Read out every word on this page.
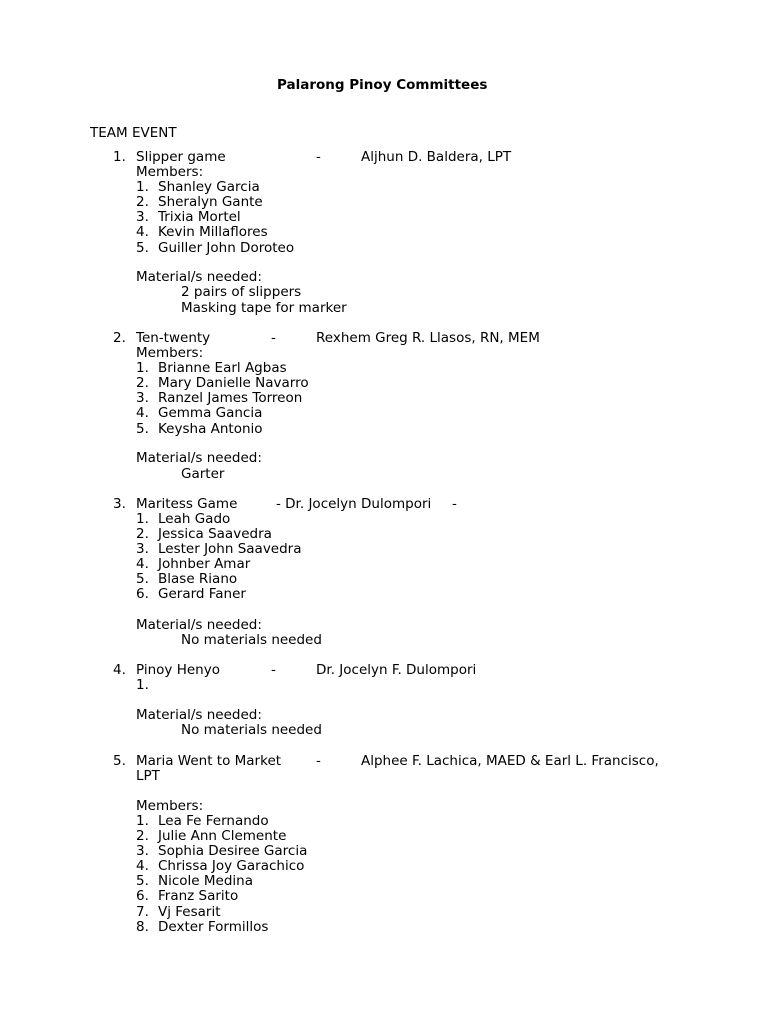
Palarong Pinoy Committees
TEAM EVENT
1. Slipper game	-	Aljhun D. Baldera, LPT
Members:
1. Shanley Garcia
2. Sheralyn Gante
3. Trixia Mortel
4. Kevin Millaflores
5. Guiller John Doroteo
Material/s needed:
2 pairs of slippers
Masking tape for marker
2. Ten-twenty	-	Rexhem Greg R. Llasos, RN, MEM
Members:
1. Brianne Earl Agbas
2. Mary Danielle Navarro
3. Ranzel James Torreon
4. Gemma Gancia
5. Keysha Antonio
Material/s needed:
Garter
3. Maritess Game	- Dr. Jocelyn Dulompori -
1. Leah Gado
2. Jessica Saavedra
3. Lester John Saavedra
4. Johnber Amar
5. Blase Riano
6. Gerard Faner
Material/s needed:
No materials needed
4. Pinoy Henyo	-	Dr. Jocelyn F. Dulompori
1.
Material/s needed:
No materials needed
5. Maria Went to Market	-	Alphee F. Lachica, MAED & Earl L. Francisco,
LPT
Members:
1. Lea Fe Fernando
2. Julie Ann Clemente
3. Sophia Desiree Garcia
4. Chrissa Joy Garachico
5. Nicole Medina
6. Franz Sarito
7. Vj Fesarit
8. Dexter Formillos
